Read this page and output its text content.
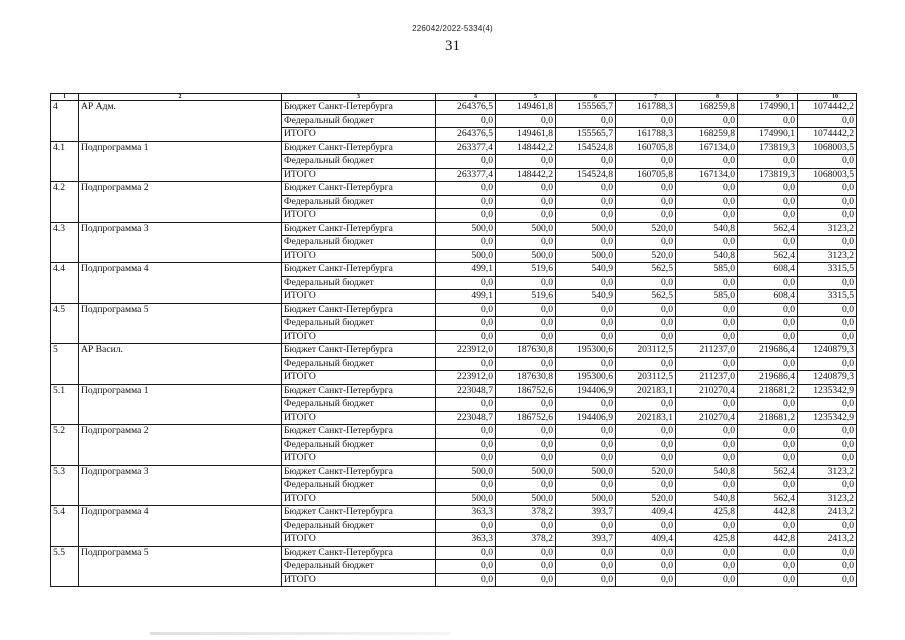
226042/2022-5334(4)
31
1	2	3	4	5	6	7	8	9	10
4	АР Адм.	Бюджет Санкт-Петербурга	264376,5	149461,8	155565,7	161788,3	168259,8	174990,1	1074442,2
		Федеральный бюджет	0,0	0,0	0,0	0,0	0,0	0,0	0,0
		ИТОГО	264376,5	149461,8	155565,7	161788,3	168259,8	174990,1	1074442,2
4.1	Подпрограмма 1	Бюджет Санкт-Петербурга	263377,4	148442,2	154524,8	160705,8	167134,0	173819,3	1068003,5
		Федеральный бюджет	0,0	0,0	0,0	0,0	0,0	0,0	0,0
		ИТОГО	263377,4	148442,2	154524,8	160705,8	167134,0	173819,3	1068003,5
4.2	Подпрограмма 2	Бюджет Санкт-Петербурга	0,0	0,0	0,0	0,0	0,0	0,0	0,0
		Федеральный бюджет	0,0	0,0	0,0	0,0	0,0	0,0	0,0
		ИТОГО	0,0	0,0	0,0	0,0	0,0	0,0	0,0
4.3	Подпрограмма 3	Бюджет Санкт-Петербурга	500,0	500,0	500,0	520,0	540,8	562,4	3123,2
		Федеральный бюджет	0,0	0,0	0,0	0,0	0,0	0,0	0,0
		ИТОГО	500,0	500,0	500,0	520,0	540,8	562,4	3123,2
4.4	Подпрограмма 4	Бюджет Санкт-Петербурга	499,1	519,6	540,9	562,5	585,0	608,4	3315,5
		Федеральный бюджет	0,0	0,0	0,0	0,0	0,0	0,0	0,0
		ИТОГО	499,1	519,6	540,9	562,5	585,0	608,4	3315,5
4.5	Подпрограмма 5	Бюджет Санкт-Петербурга	0,0	0,0	0,0	0,0	0,0	0,0	0,0
		Федеральный бюджет	0,0	0,0	0,0	0,0	0,0	0,0	0,0
		ИТОГО	0,0	0,0	0,0	0,0	0,0	0,0	0,0
5	АР Васил.	Бюджет Санкт-Петербурга	223912,0	187630,8	195300,6	203112,5	211237,0	219686,4	1240879,3
		Федеральный бюджет	0,0	0,0	0,0	0,0	0,0	0,0	0,0
		ИТОГО	223912,0	187630,8	195300,6	203112,5	211237,0	219686,4	1240879,3
5.1	Подпрограмма 1	Бюджет Санкт-Петербурга	223048,7	186752,6	194406,9	202183,1	210270,4	218681,2	1235342,9
		Федеральный бюджет	0,0	0,0	0,0	0,0	0,0	0,0	0,0
		ИТОГО	223048,7	186752,6	194406,9	202183,1	210270,4	218681,2	1235342,9
5.2	Подпрограмма 2	Бюджет Санкт-Петербурга	0,0	0,0	0,0	0,0	0,0	0,0	0,0
		Федеральный бюджет	0,0	0,0	0,0	0,0	0,0	0,0	0,0
		ИТОГО	0,0	0,0	0,0	0,0	0,0	0,0	0,0
5.3	Подпрограмма 3	Бюджет Санкт-Петербурга	500,0	500,0	500,0	520,0	540,8	562,4	3123,2
		Федеральный бюджет	0,0	0,0	0,0	0,0	0,0	0,0	0,0
		ИТОГО	500,0	500,0	500,0	520,0	540,8	562,4	3123,2
5.4	Подпрограмма 4	Бюджет Санкт-Петербурга	363,3	378,2	393,7	409,4	425,8	442,8	2413,2
		Федеральный бюджет	0,0	0,0	0,0	0,0	0,0	0,0	0,0
		ИТОГО	363,3	378,2	393,7	409,4	425,8	442,8	2413,2
5.5	Подпрограмма 5	Бюджет Санкт-Петербурга	0,0	0,0	0,0	0,0	0,0	0,0	0,0
		Федеральный бюджет	0,0	0,0	0,0	0,0	0,0	0,0	0,0
		ИТОГО	0,0	0,0	0,0	0,0	0,0	0,0	0,0
